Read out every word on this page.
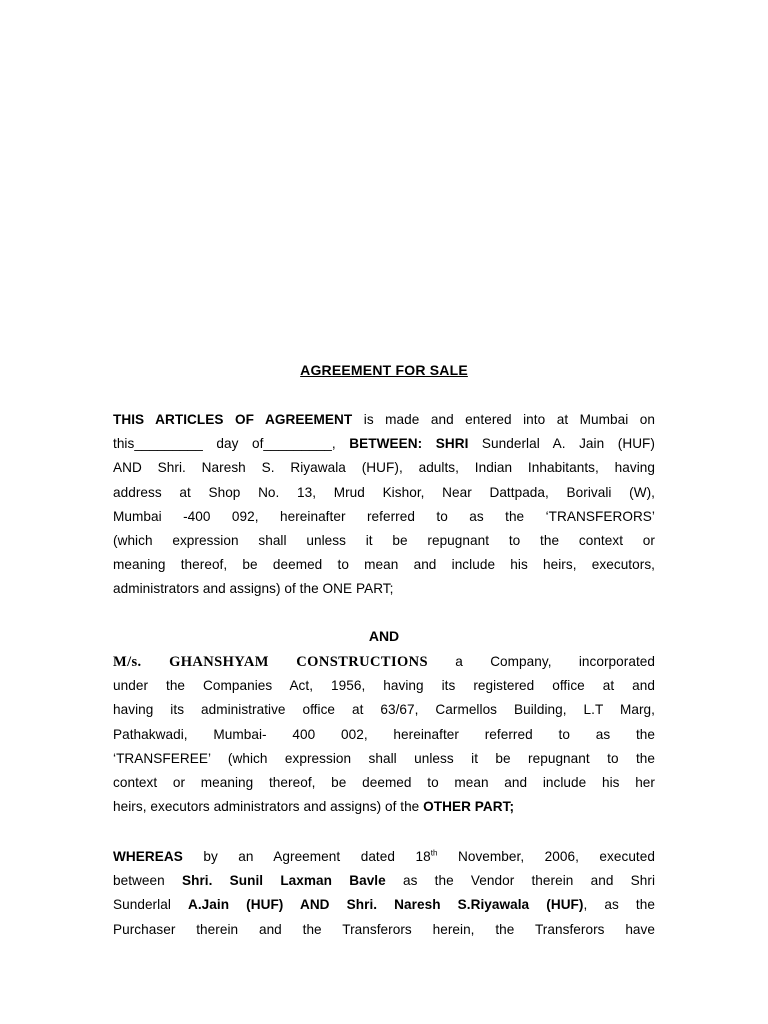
AGREEMENT FOR SALE
THIS ARTICLES OF AGREEMENT is made and entered into at Mumbai on
this_________ day of_________, BETWEEN: SHRI Sunderlal A. Jain (HUF)
AND Shri. Naresh S. Riyawala (HUF), adults, Indian Inhabitants, having
address at Shop No. 13, Mrud Kishor, Near Dattpada, Borivali (W),
Mumbai -400 092, hereinafter referred to as the ‘TRANSFERORS’
(which expression shall unless it be repugnant to the context or
meaning thereof, be deemed to mean and include his heirs, executors,
administrators and assigns) of the ONE PART;
AND
M/s. GHANSHYAM CONSTRUCTIONS a Company, incorporated
under the Companies Act, 1956, having its registered office at and
having its administrative office at 63/67, Carmellos Building, L.T Marg,
Pathakwadi, Mumbai- 400 002, hereinafter referred to as the
‘TRANSFEREE’ (which expression shall unless it be repugnant to the
context or meaning thereof, be deemed to mean and include his her
heirs, executors administrators and assigns) of the OTHER PART;
WHEREAS by an Agreement dated 18th November, 2006, executed
between Shri. Sunil Laxman Bavle as the Vendor therein and Shri
Sunderlal A.Jain (HUF) AND Shri. Naresh S.Riyawala (HUF), as the
Purchaser therein and the Transferors herein, the Transferors have
